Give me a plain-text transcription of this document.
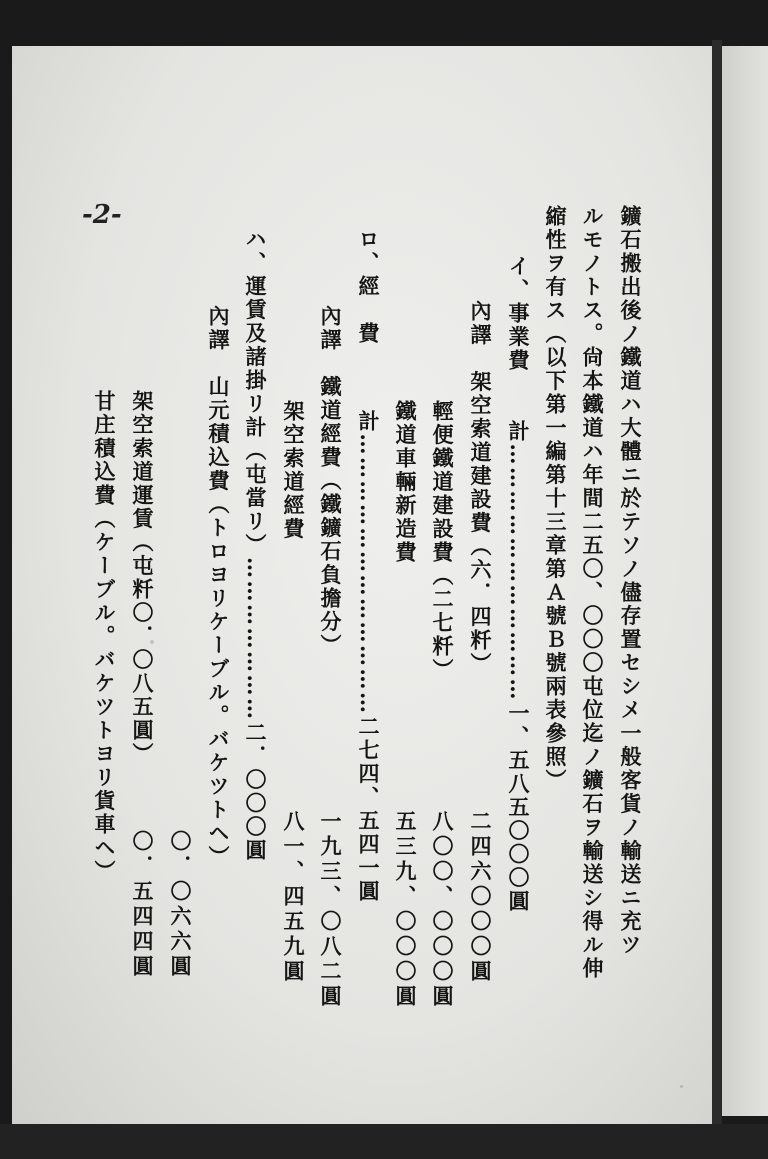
-2-	鑛石搬出後ノ鐵道ハ大體ニ於テソノ儘存置セシメ一般客貨ノ輸送ニ充ツ
ルモノトス。尙本鐵道ハ年間二五〇、〇〇〇屯位迄ノ鑛石ヲ輸送シ得ル伸
縮性ヲ有ス（以下第一編第十三章第Ａ號Ｂ號兩表參照）
イ、事業費
計……………………………一、五八五〇〇〇圓
內譯　架空索道建設費（六．四粁）
二四六〇〇〇圓
輕便鐵道建設費（二七粁）
八〇〇、〇〇〇圓
鐵道車輛新造費
五三九、〇〇〇圓
ロ、經　費
計………………………………二七四、五四一圓
內譯　鐵道經費（鐵鑛石負擔分）
一九三、〇八二圓
架空索道經費
八一、四五九圓
ハ、運賃及諸掛リ計（屯當リ）…………………二．〇〇〇圓
內譯　山元積込費（トロヨリケーブル。バケツトヘ）
〇．〇六六圓
架空索道運賃（屯粁〇．〇八五圓）
〇．五四四圓
甘庄積込費（ケーブル。バケツトヨリ貨車ヘ）
